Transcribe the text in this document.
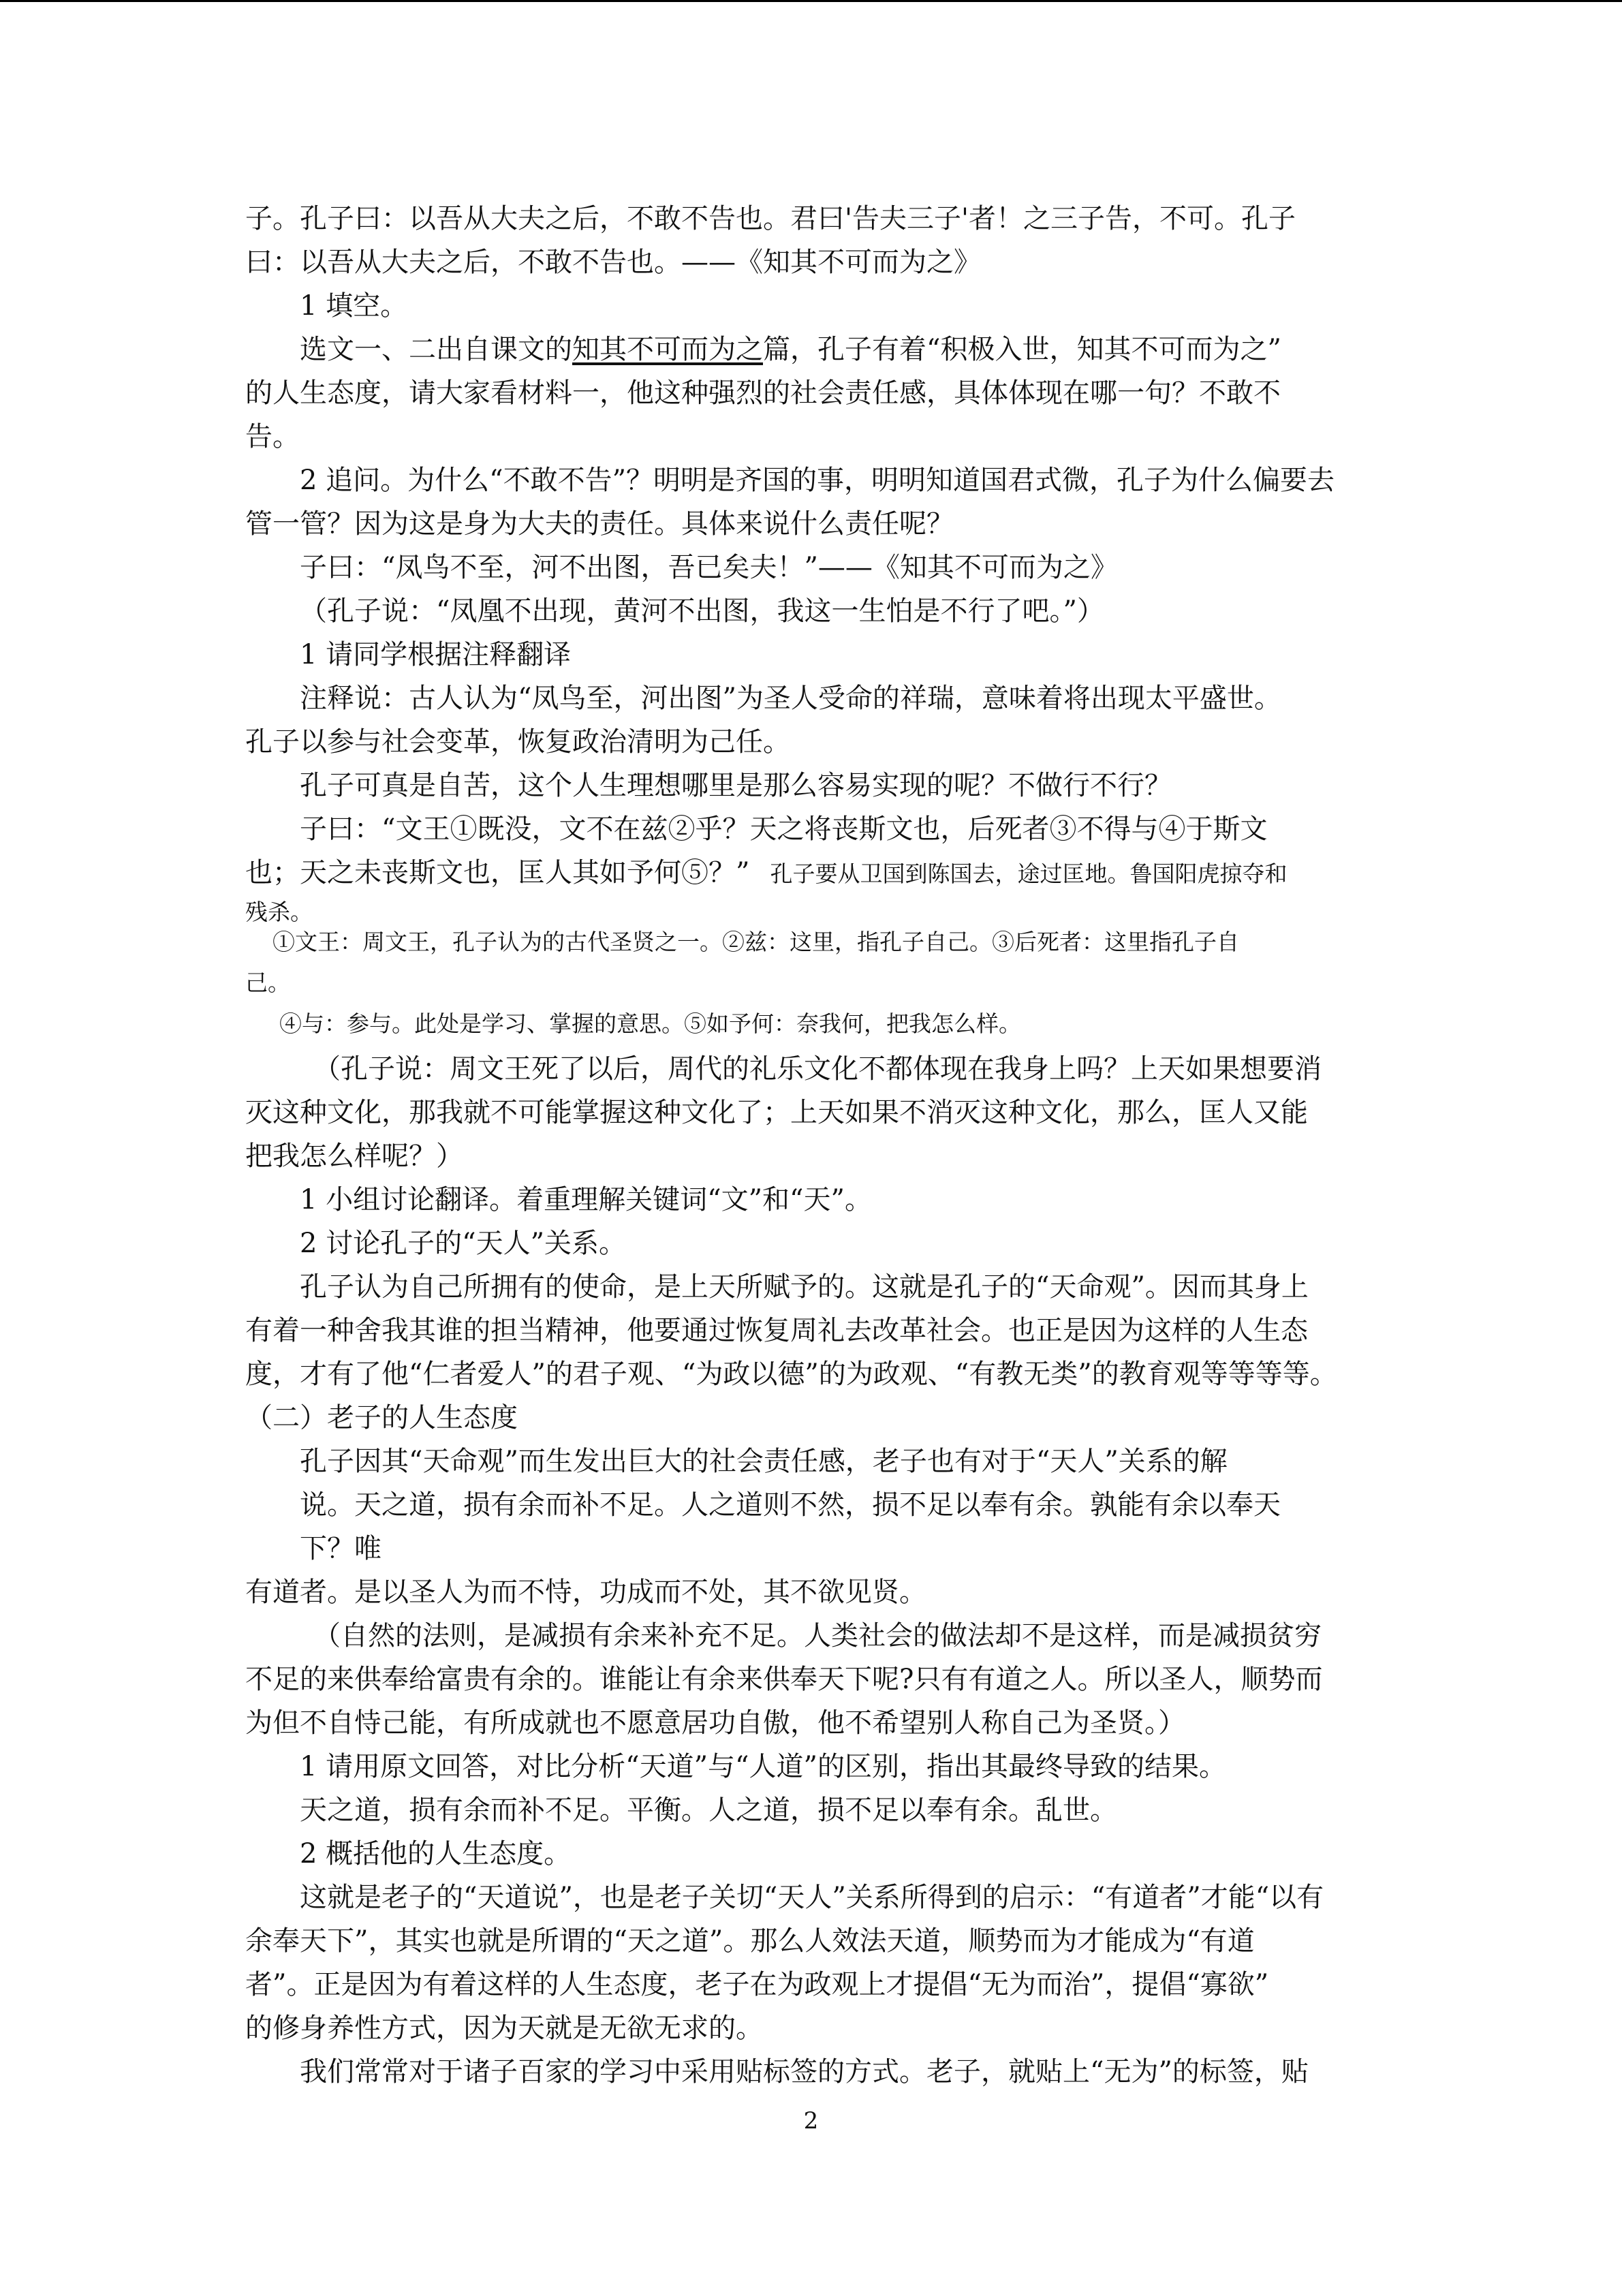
子。孔子曰：以吾从大夫之后，不敢不告也。君曰'告夫三子'者！之三子告，不可。孔子
曰：以吾从大夫之后，不敢不告也。——《知其不可而为之》
1 填空。
选文一、二出自课文的知其不可而为之篇，孔子有着“积极入世，知其不可而为之”
的人生态度，请大家看材料一，他这种强烈的社会责任感，具体体现在哪一句？不敢不
告。
2 追问。为什么“不敢不告”？明明是齐国的事，明明知道国君式微，孔子为什么偏要去
管一管？因为这是身为大夫的责任。具体来说什么责任呢？
子曰：“凤鸟不至，河不出图，吾已矣夫！”——《知其不可而为之》
（孔子说：“凤凰不出现，黄河不出图，我这一生怕是不行了吧。”）
1 请同学根据注释翻译
注释说：古人认为“凤鸟至，河出图”为圣人受命的祥瑞，意味着将出现太平盛世。
孔子以参与社会变革，恢复政治清明为己任。
孔子可真是自苦，这个人生理想哪里是那么容易实现的呢？不做行不行？
子曰：“文王①既没，文不在兹②乎？天之将丧斯文也，后死者③不得与④于斯文
也；天之未丧斯文也，匡人其如予何⑤？” 孔子要从卫国到陈国去，途过匡地。鲁国阳虎掠夺和
残杀。
①文王：周文王，孔子认为的古代圣贤之一。②兹：这里，指孔子自己。③后死者：这里指孔子自
己。
④与：参与。此处是学习、掌握的意思。⑤如予何：奈我何，把我怎么样。
（孔子说：周文王死了以后，周代的礼乐文化不都体现在我身上吗？上天如果想要消
灭这种文化，那我就不可能掌握这种文化了；上天如果不消灭这种文化，那么，匡人又能
把我怎么样呢？）
1 小组讨论翻译。着重理解关键词“文”和“天”。
2 讨论孔子的“天人”关系。
孔子认为自己所拥有的使命，是上天所赋予的。这就是孔子的“天命观”。因而其身上
有着一种舍我其谁的担当精神，他要通过恢复周礼去改革社会。也正是因为这样的人生态
度，才有了他“仁者爱人”的君子观、“为政以德”的为政观、“有教无类”的教育观等等等等。
（二）老子的人生态度
孔子因其“天命观”而生发出巨大的社会责任感，老子也有对于“天人”关系的解
说。天之道，损有余而补不足。人之道则不然，损不足以奉有余。孰能有余以奉天
下？唯
有道者。是以圣人为而不恃，功成而不处，其不欲见贤。
（自然的法则，是减损有余来补充不足。人类社会的做法却不是这样，而是减损贫穷
不足的来供奉给富贵有余的。谁能让有余来供奉天下呢?只有有道之人。所以圣人，顺势而
为但不自恃己能，有所成就也不愿意居功自傲，他不希望别人称自己为圣贤。）
1 请用原文回答，对比分析“天道”与“人道”的区别，指出其最终导致的结果。
天之道，损有余而补不足。平衡。人之道，损不足以奉有余。乱世。
2 概括他的人生态度。
这就是老子的“天道说”，也是老子关切“天人”关系所得到的启示：“有道者”才能“以有
余奉天下”，其实也就是所谓的“天之道”。那么人效法天道，顺势而为才能成为“有道
者”。正是因为有着这样的人生态度，老子在为政观上才提倡“无为而治”，提倡“寡欲”
的修身养性方式，因为天就是无欲无求的。
我们常常对于诸子百家的学习中采用贴标签的方式。老子，就贴上“无为”的标签，贴
2
